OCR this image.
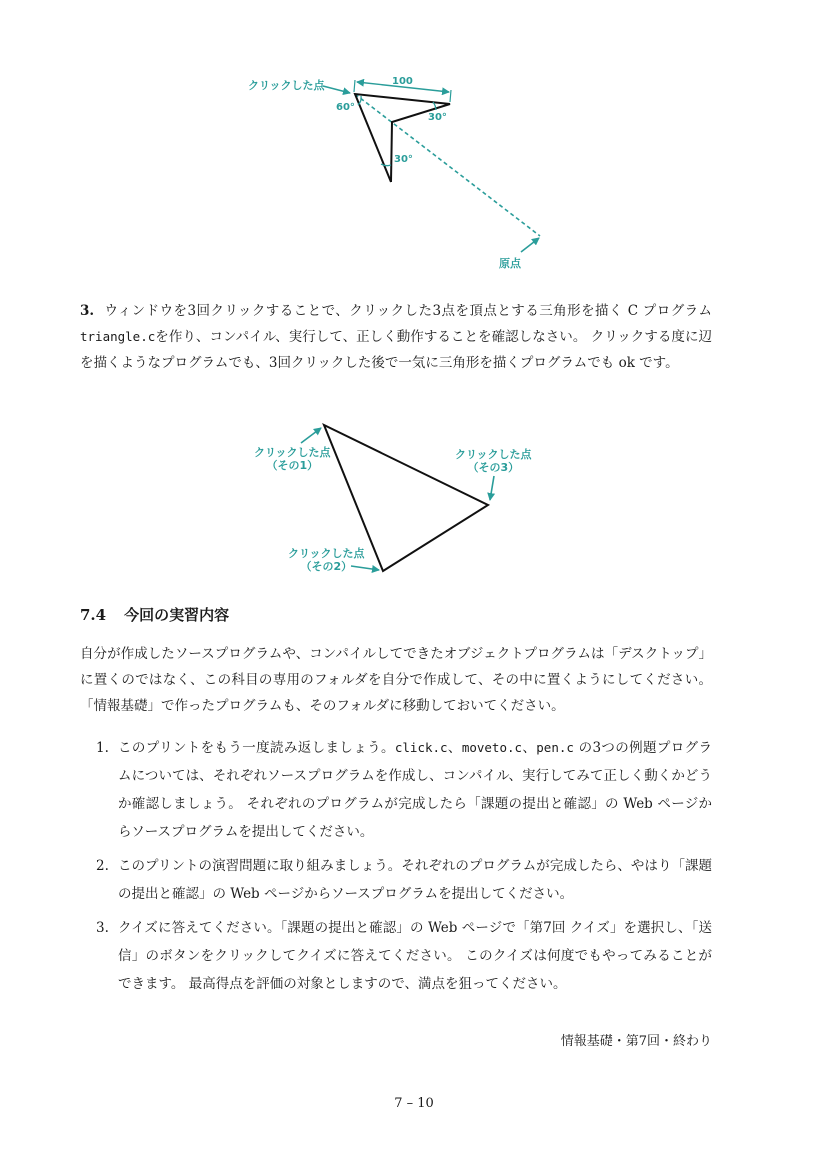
クリックした点	100
60°
30°
30°
原点
3. ウィンドウを3回クリックすることで、クリックした3点を頂点とする三角形を描く C プログラム triangle.cを作り、コンパイル、実行して、正しく動作することを確認しなさい。 クリックする度に辺を描くようなプログラムでも、3回クリックした後で一気に三角形を描くプログラムでも ok です。
クリックした点
（その1）
クリックした点
（その3）
クリックした点
（その2）
7.4 今回の実習内容
自分が作成したソースプログラムや、コンパイルしてできたオブジェクトプログラムは「デスクトップ」に置くのではなく、この科目の専用のフォルダを自分で作成して、その中に置くようにしてください。「情報基礎」で作ったプログラムも、そのフォルダに移動しておいてください。
1. このプリントをもう一度読み返しましょう。click.c、moveto.c、pen.c の3つの例題プログラムについては、それぞれソースプログラムを作成し、コンパイル、実行してみて正しく動くかどうか確認しましょう。 それぞれのプログラムが完成したら「課題の提出と確認」の Web ページからソースプログラムを提出してください。
2. このプリントの演習問題に取り組みましょう。それぞれのプログラムが完成したら、やはり「課題の提出と確認」の Web ページからソースプログラムを提出してください。
3. クイズに答えてください。「課題の提出と確認」の Web ページで「第7回 クイズ」を選択し、「送信」のボタンをクリックしてクイズに答えてください。 このクイズは何度でもやってみることができます。 最高得点を評価の対象としますので、満点を狙ってください。
情報基礎・第7回・終わり
7 – 10
